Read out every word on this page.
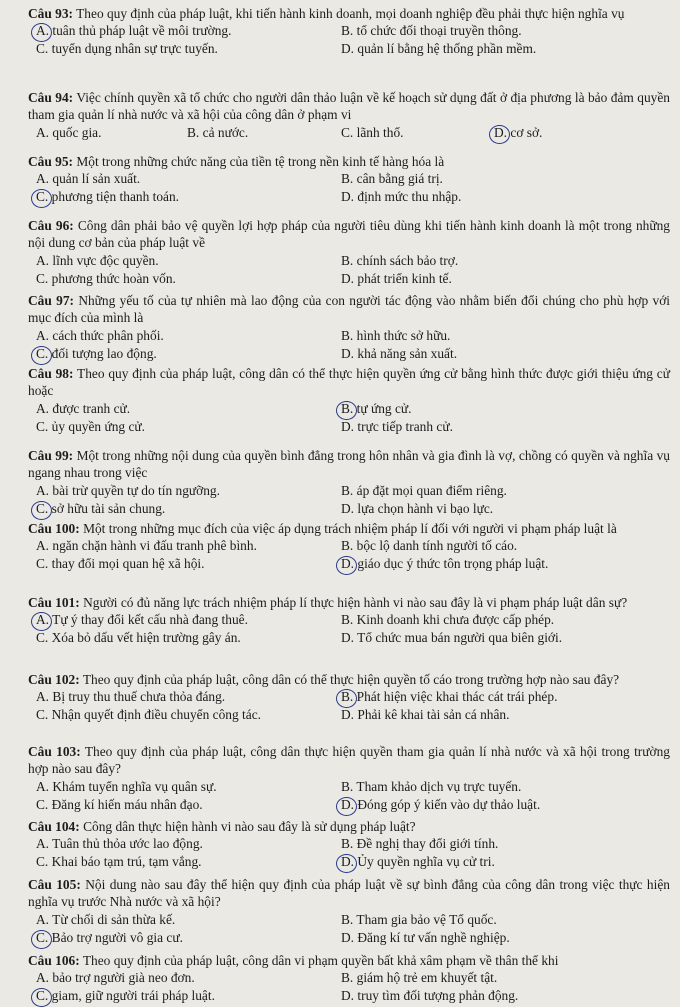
Câu 93: Theo quy định của pháp luật, khi tiến hành kinh doanh, mọi doanh nghiệp đều phải thực hiện nghĩa vụ
A. tuân thủ pháp luật về môi trường.	B. tổ chức đối thoại truyền thông.
C. tuyển dụng nhân sự trực tuyến.	D. quản lí bằng hệ thống phần mềm.
Câu 94: Việc chính quyền xã tổ chức cho người dân thảo luận về kế hoạch sử dụng đất ở địa phương là bảo đảm quyền tham gia quản lí nhà nước và xã hội của công dân ở phạm vi
A. quốc gia.	B. cả nước.	C. lãnh thổ.	D. cơ sở.
Câu 95: Một trong những chức năng của tiền tệ trong nền kinh tế hàng hóa là
A. quản lí sản xuất.	B. cân bằng giá trị.
C. phương tiện thanh toán.	D. định mức thu nhập.
Câu 96: Công dân phải bảo vệ quyền lợi hợp pháp của người tiêu dùng khi tiến hành kinh doanh là một trong những nội dung cơ bản của pháp luật về
A. lĩnh vực độc quyền.	B. chính sách bảo trợ.
C. phương thức hoàn vốn.	D. phát triển kinh tế.
Câu 97: Những yếu tố của tự nhiên mà lao động của con người tác động vào nhằm biến đổi chúng cho phù hợp với mục đích của mình là
A. cách thức phân phối.	B. hình thức sở hữu.
C. đối tượng lao động.	D. khả năng sản xuất.
Câu 98: Theo quy định của pháp luật, công dân có thể thực hiện quyền ứng cử bằng hình thức được giới thiệu ứng cử hoặc
A. được tranh cử.	B. tự ứng cử.
C. ủy quyền ứng cử.	D. trực tiếp tranh cử.
Câu 99: Một trong những nội dung của quyền bình đẳng trong hôn nhân và gia đình là vợ, chồng có quyền và nghĩa vụ ngang nhau trong việc
A. bài trừ quyền tự do tín ngưỡng.	B. áp đặt mọi quan điểm riêng.
C. sở hữu tài sản chung.	D. lựa chọn hành vi bạo lực.
Câu 100: Một trong những mục đích của việc áp dụng trách nhiệm pháp lí đối với người vi phạm pháp luật là
A. ngăn chặn hành vi đấu tranh phê bình.	B. bộc lộ danh tính người tố cáo.
C. thay đổi mọi quan hệ xã hội.	D. giáo dục ý thức tôn trọng pháp luật.
Câu 101: Người có đủ năng lực trách nhiệm pháp lí thực hiện hành vi nào sau đây là vi phạm pháp luật dân sự?
A. Tự ý thay đổi kết cấu nhà đang thuê.	B. Kinh doanh khi chưa được cấp phép.
C. Xóa bỏ dấu vết hiện trường gây án.	D. Tổ chức mua bán người qua biên giới.
Câu 102: Theo quy định của pháp luật, công dân có thể thực hiện quyền tố cáo trong trường hợp nào sau đây?
A. Bị truy thu thuế chưa thỏa đáng.	B. Phát hiện việc khai thác cát trái phép.
C. Nhận quyết định điều chuyển công tác.	D. Phải kê khai tài sản cá nhân.
Câu 103: Theo quy định của pháp luật, công dân thực hiện quyền tham gia quản lí nhà nước và xã hội trong trường hợp nào sau đây?
A. Khám tuyển nghĩa vụ quân sự.	B. Tham khảo dịch vụ trực tuyến.
C. Đăng kí hiến máu nhân đạo.	D. Đóng góp ý kiến vào dự thảo luật.
Câu 104: Công dân thực hiện hành vi nào sau đây là sử dụng pháp luật?
A. Tuân thủ thỏa ước lao động.	B. Đề nghị thay đổi giới tính.
C. Khai báo tạm trú, tạm vắng.	D. Ủy quyền nghĩa vụ cử tri.
Câu 105: Nội dung nào sau đây thể hiện quy định của pháp luật về sự bình đẳng của công dân trong việc thực hiện nghĩa vụ trước Nhà nước và xã hội?
A. Từ chối di sản thừa kế.	B. Tham gia bảo vệ Tổ quốc.
C. Bảo trợ người vô gia cư.	D. Đăng kí tư vấn nghề nghiệp.
Câu 106: Theo quy định của pháp luật, công dân vi phạm quyền bất khả xâm phạm về thân thể khi
A. bảo trợ người già neo đơn.	B. giám hộ trẻ em khuyết tật.
C. giam, giữ người trái pháp luật.	D. truy tìm đối tượng phản động.
